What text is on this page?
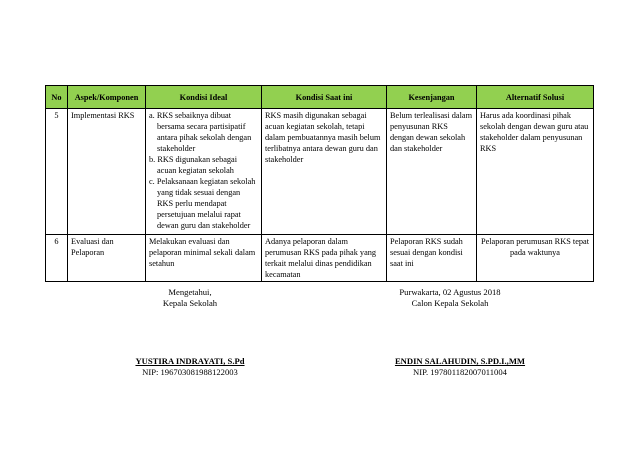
No	Aspek/Komponen	Kondisi Ideal	Kondisi Saat ini	Kesenjangan	Alternatif Solusi
5	Implementasi RKS	a. RKS sebaiknya dibuat bersama secara partisipatif antara pihak sekolah dengan stakeholder
b. RKS digunakan sebagai acuan kegiatan sekolah
c. Pelaksanaan kegiatan sekolah yang tidak sesuai dengan RKS perlu mendapat persetujuan melalui rapat dewan guru dan stakeholder	RKS masih digunakan sebagai acuan kegiatan sekolah, tetapi dalam pembuatannya masih belum terlibatnya antara dewan guru dan stakeholder	Belum terlealisasi dalam penyusunan RKS dengan dewan sekolah dan stakeholder	Harus ada koordinasi pihak sekolah dengan dewan guru atau stakeholder dalam penyusunan RKS
6	Evaluasi dan Pelaporan	Melakukan evaluasi dan pelaporan minimal sekali dalam setahun	Adanya pelaporan dalam perumusan RKS pada pihak yang terkait melalui dinas pendidikan kecamatan	Pelaporan RKS sudah sesuai dengan kondisi saat ini	Pelaporan perumusan RKS tepat pada waktunya
Mengetahui,
Kepala Sekolah
Purwakarta, 02 Agustus 2018
Calon Kepala Sekolah
YUSTIRA INDRAYATI, S.Pd
NIP: 196703081988122003
ENDIN SALAHUDIN, S.PD.I.,MM
NIP. 197801182007011004
